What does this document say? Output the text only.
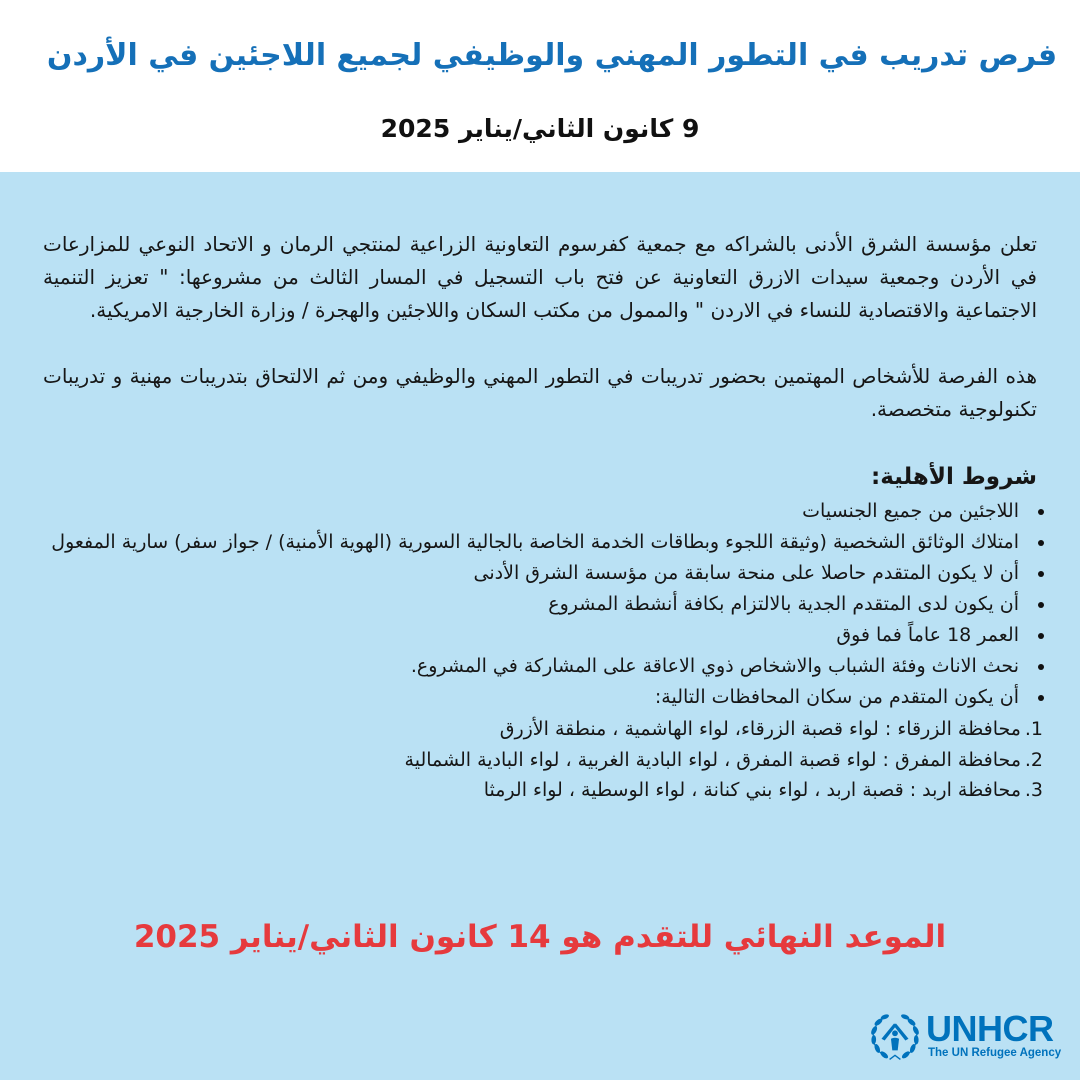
فرص تدريب في التطور المهني والوظيفي لجميع اللاجئين في الأردن
9 كانون الثاني/يناير 2025

تعلن مؤسسة الشرق الأدنى بالشراكه مع جمعية كفرسوم التعاونية الزراعية لمنتجي الرمان و الاتحاد النوعي للمزارعات في الأردن وجمعية سيدات الازرق التعاونية عن فتح باب التسجيل في المسار الثالث من مشروعها: " تعزيز التنمية الاجتماعية والاقتصادية للنساء في الاردن " والممول من مكتب السكان واللاجئين والهجرة / وزارة الخارجية الامريكية.

هذه الفرصة للأشخاص المهتمين بحضور تدريبات في التطور المهني والوظيفي ومن ثم الالتحاق بتدريبات مهنية و تدريبات تكنولوجية متخصصة.

شروط الأهلية:
اللاجئين من جميع الجنسيات
امتلاك الوثائق الشخصية (وثيقة اللجوء وبطاقات الخدمة الخاصة بالجالية السورية (الهوية الأمنية) / جواز سفر) سارية المفعول
أن لا يكون المتقدم حاصلا على منحة سابقة من مؤسسة الشرق الأدنى
أن يكون لدى المتقدم الجدية بالالتزام بكافة أنشطة المشروع
العمر 18 عاماً فما فوق
نحث الاناث وفئة الشباب والاشخاص ذوي الاعاقة على المشاركة في المشروع.
أن يكون المتقدم من سكان المحافظات التالية:
1.
محافظة الزرقاء : لواء قصبة الزرقاء، لواء الهاشمية ، منطقة الأزرق
2.
محافظة المفرق : لواء قصبة المفرق ، لواء البادية الغربية ، لواء البادية الشمالية
3.
محافظة اربد : قصبة اربد ، لواء بني كنانة ، لواء الوسطية ، لواء الرمثا
الموعد النهائي للتقدم هو 14 كانون الثاني/يناير 2025
UNHCR
The UN Refugee Agency
